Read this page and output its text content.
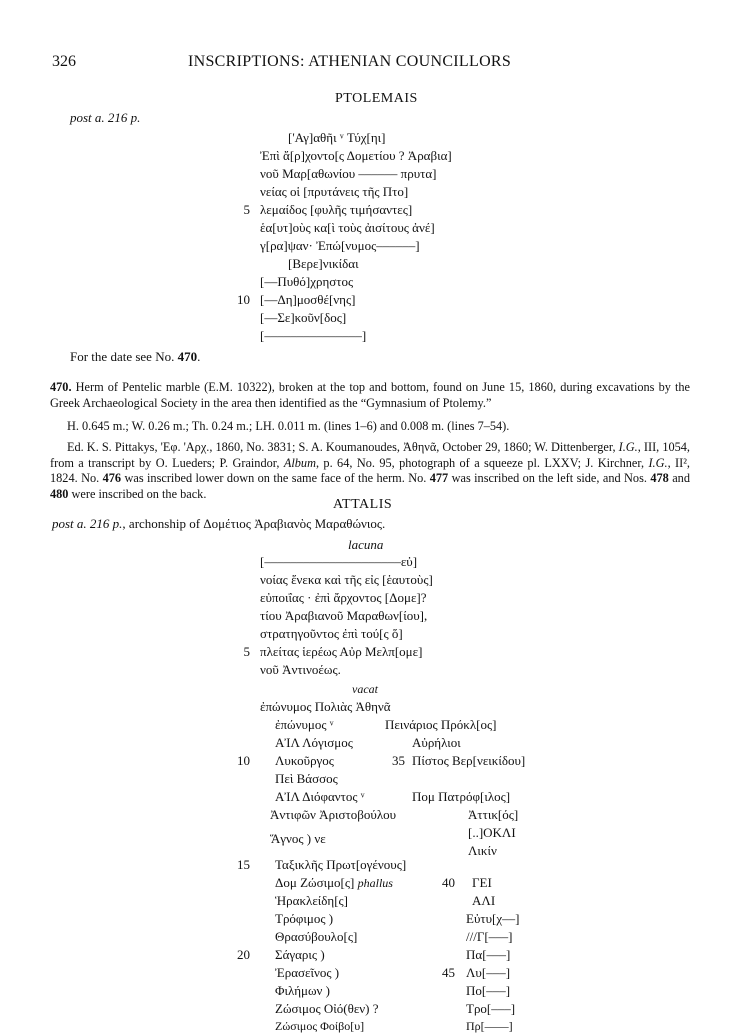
326	INSCRIPTIONS: ATHENIAN COUNCILLORS
PTOLEMAIS
post a. 216 p.
['Αγ]αθῆι ᵛ Τύχ[ηι]
Ἐπὶ ἄ[ρ]χοντο[ς Δομετίου ? Ἀραβια]
νοῦ Μαρ[αθωνίου –––––– πρυτα]
νείας οἱ [πρυτάνεις τῆς Πτο]
5 λεμαίδος [φυλῆς τιμήσαντες]
ἑα[υτ]οὺς κα[ὶ τοὺς ἀισίτους ἀνέ]
γ[ρα]ψαν· Ἐπώ[νυμος––––––]
[Βερε]νικίδαι
[––Πυθό]χρηστος
10 [––Δη]μοσθέ[νης]
[––Σε]κοῦν[δος]
[–––––––––––––––]
For the date see No. 470.

470. Herm of Pentelic marble (E.M. 10322), broken at the top and bottom, found on June 15, 1860, during excavations by the Greek Archaeological Society in the area then identified as the “Gymnasium of Ptolemy.”

H. 0.645 m.; W. 0.26 m.; Th. 0.24 m.; LH. 0.011 m. (lines 1–6) and 0.008 m. (lines 7–54).

Ed. K. S. Pittakys, 'Εφ. 'Αρχ., 1860, No. 3831; S. A. Koumanoudes, Ἀθηνᾶ, October 29, 1860; W. Dittenberger, I.G., III, 1054, from a transcript by O. Lueders; P. Graindor, Album, p. 64, No. 95, photograph of a squeeze pl. LXXV; J. Kirchner, I.G., II², 1824. No. 476 was inscribed lower down on the same face of the herm. No. 477 was inscribed on the left side, and Nos. 478 and 480 were inscribed on the back.

ATTALIS
post a. 216 p., archonship of Δομέτιος Ἀραβιανὸς Μαραθώνιος.
lacuna
[–––––––––––––––––––––εὐ]
νοίας ἕνεκα καὶ τῆς εἰς [ἑαυτοὺς]
εὐποιΐας · ἐπὶ ἄρχοντος [Δομε]?
τίου Ἀραβιανοῦ Μαραθων[ίου],
στρατηγοῦντος ἐπὶ τού[ς ὅ]
5 πλείτας ἱερέως Αὐρ Μελπ[ομε]
νοῦ Ἀντινοέως.
vacat
ἐπώνυμος Πολιὰς Ἀθηνᾶ
ἐπώνυμος ᵛ
ΑἸΛ Λόγισμος
10 Λυκοῦργος
Πεὶ Βάσσος
ΑἸΛ Διόφαντος ᵛ
Ἀντιφῶν Ἀριστοβούλου
Ἅγνος ) νε
15 Ταξικλῆς Πρωτ[ογένους]
Δομ Ζώσιμο[ς] phallus
Ἡρακλείδη[ς]
Τρόφιμος )
Θρασύβουλο[ς]
20 Σάγαρις )
Ἐρασεῖνος )
Φιλήμων )
Ζώσιμος Οἰό(θεν) ?
Ζώσιμος Φοίβο[υ]
Πεινάριος Πρόκλ[ος]
Αὐρήλιοι
35 Πίστος Βερ[νεικίδου]
Πομ Πατρόφ[ιλος]
Ἀττικ[ός]
[..]ΟΚΛΙ
Λικίν
40 ΓΕΙ
ΑΛΙ
Εὐτυ[χ––]
///Γ[–––]
Πα[–––]
45 Λυ[–––]
Πο[–––]
Τρο[–––]
Πρ[––––]
